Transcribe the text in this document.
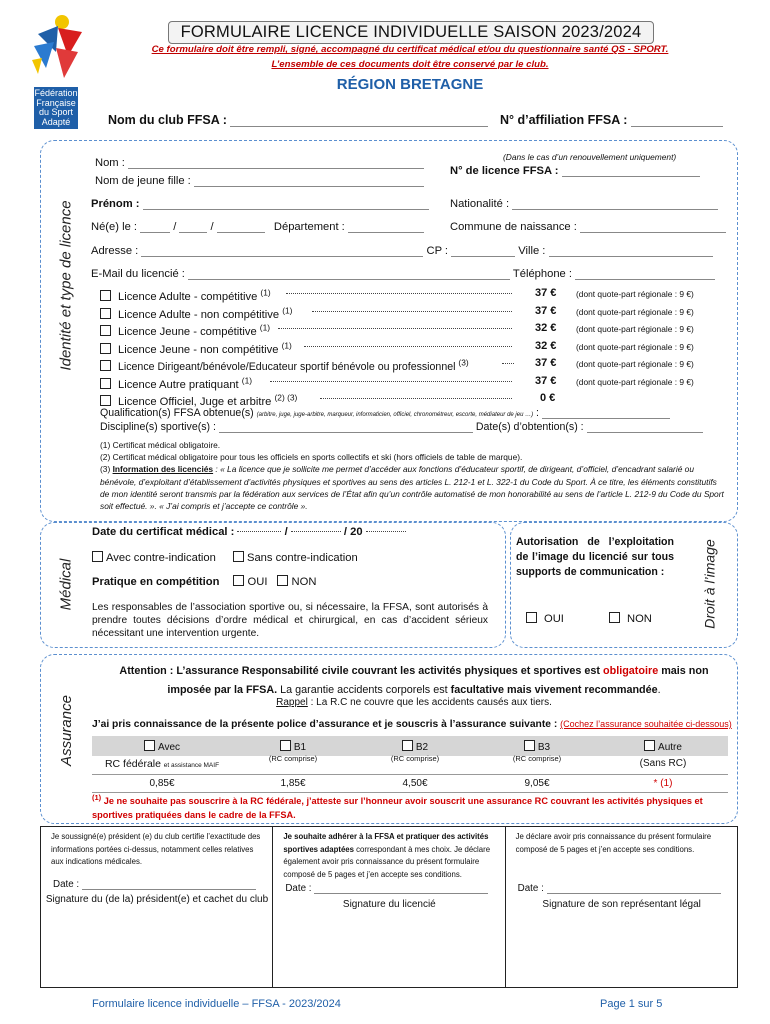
Fédération
Française
du Sport
Adapté
FORMULAIRE LICENCE INDIVIDUELLE SAISON 2023/2024
Ce formulaire doit être rempli, signé, accompagné du certificat médical et/ou du questionnaire santé QS - SPORT.
L’ensemble de ces documents doit être conservé par le club.
RÉGION BRETAGNE
Nom du club FFSA :	N° d’affiliation FFSA :
Identité et type de licence
Nom :
Nom de jeune fille :
(Dans le cas d’un renouvellement uniquement)
N° de licence FFSA :
Prénom :	Nationalité :
Né(e) le :	/	/	Département :	Commune de naissance :
Adresse :	CP :	Ville :
E-Mail du licencié :	Téléphone :
Licence Adulte - compétitive $^{(1)}$	37 € (dont quote-part régionale : 9 €)
Licence Adulte - non compétitive $^{(1)}$	37 € (dont quote-part régionale : 9 €)
Licence Jeune - compétitive $^{(1)}$	32 € (dont quote-part régionale : 9 €)
Licence Jeune - non compétitive $^{(1)}$	32 € (dont quote-part régionale : 9 €)
Licence Dirigeant/bénévole/Educateur sportif bénévole ou professionnel $^{(3)}$	37 € (dont quote-part régionale : 9 €)
Licence Autre pratiquant $^{(1)}$	37 € (dont quote-part régionale : 9 €)
Licence Officiel, Juge et arbitre $^{(2) (3)}$	0 €
Qualification(s) FFSA obtenue(s) (arbitre, juge, juge-arbitre, marqueur, informaticien, officiel, chronométreur, escorte, médiateur de jeu …) :
Discipline(s) sportive(s) :	Date(s) d’obtention(s) :
(1) Certificat médical obligatoire.
(2) Certificat médical obligatoire pour tous les officiels en sports collectifs et ski (hors officiels de table de marque).
(3) Information des licenciés : « La licence que je sollicite me permet d’accéder aux fonctions d’éducateur sportif, de dirigeant, d’officiel, d’encadrant salarié ou bénévole, d’exploitant d’établissement d’activités physiques et sportives au sens des articles L. 212-1 et L. 322-1 du Code du Sport. À ce titre, les éléments constitutifs de mon identité seront transmis par la fédération aux services de l’État afin qu’un contrôle automatisé de mon honorabilité au sens de l’article L. 212-9 du Code du Sport soit effectué. ». « J’ai compris et j’accepte ce contrôle ».
Médical
Date du certificat médical :	/	/ 20
Avec contre-indication	Sans contre-indication
Pratique en compétition	OUI NON
Les responsables de l’association sportive ou, si nécessaire, la FFSA, sont autorisés à prendre toutes décisions d’ordre médical et chirurgical, en cas d’accident sérieux nécessitant une intervention urgente.
Droit à l’image
Autorisation de l’exploitation de l’image du licencié sur tous supports de communication :
OUI	NON
Assurance
Attention : L’assurance Responsabilité civile couvrant les activités physiques et sportives est obligatoire mais non
imposée par la FFSA. La garantie accidents corporels est facultative mais vivement recommandée.
Rappel : La R.C ne couvre que les accidents causés aux tiers.
J’ai pris connaissance de la présente police d’assurance et je souscris à l’assurance suivante : (Cochez l’assurance souhaitée ci-dessous)
Avec	B1	B2	B3	Autre
RC fédérale et assistance MAIF	(RC comprise)	(RC comprise)	(RC comprise)	(Sans RC)
0,85€	1,85€	4,50€	9,05€	* (1)
$^{(1)}$ Je ne souhaite pas souscrire à la RC fédérale, j’atteste sur l’honneur avoir souscrit une assurance RC couvrant les activités physiques et sportives pratiquées dans le cadre de la FFSA.
Je soussigné(e) président (e) du club certifie l’exactitude des informations portées ci-dessus, notamment celles relatives aux indications médicales.
Date :
Signature du (de la) président(e) et cachet du club
Je souhaite adhérer à la FFSA et pratiquer des activités sportives adaptées correspondant à mes choix. Je déclare également avoir pris connaissance du présent formulaire composé de 5 pages et j’en accepte ses conditions.
Date :
Signature du licencié
Je déclare avoir pris connaissance du présent formulaire composé de 5 pages et j’en accepte ses conditions.
Date :
Signature de son représentant légal
Formulaire licence individuelle – FFSA - 2023/2024	Page 1 sur 5
